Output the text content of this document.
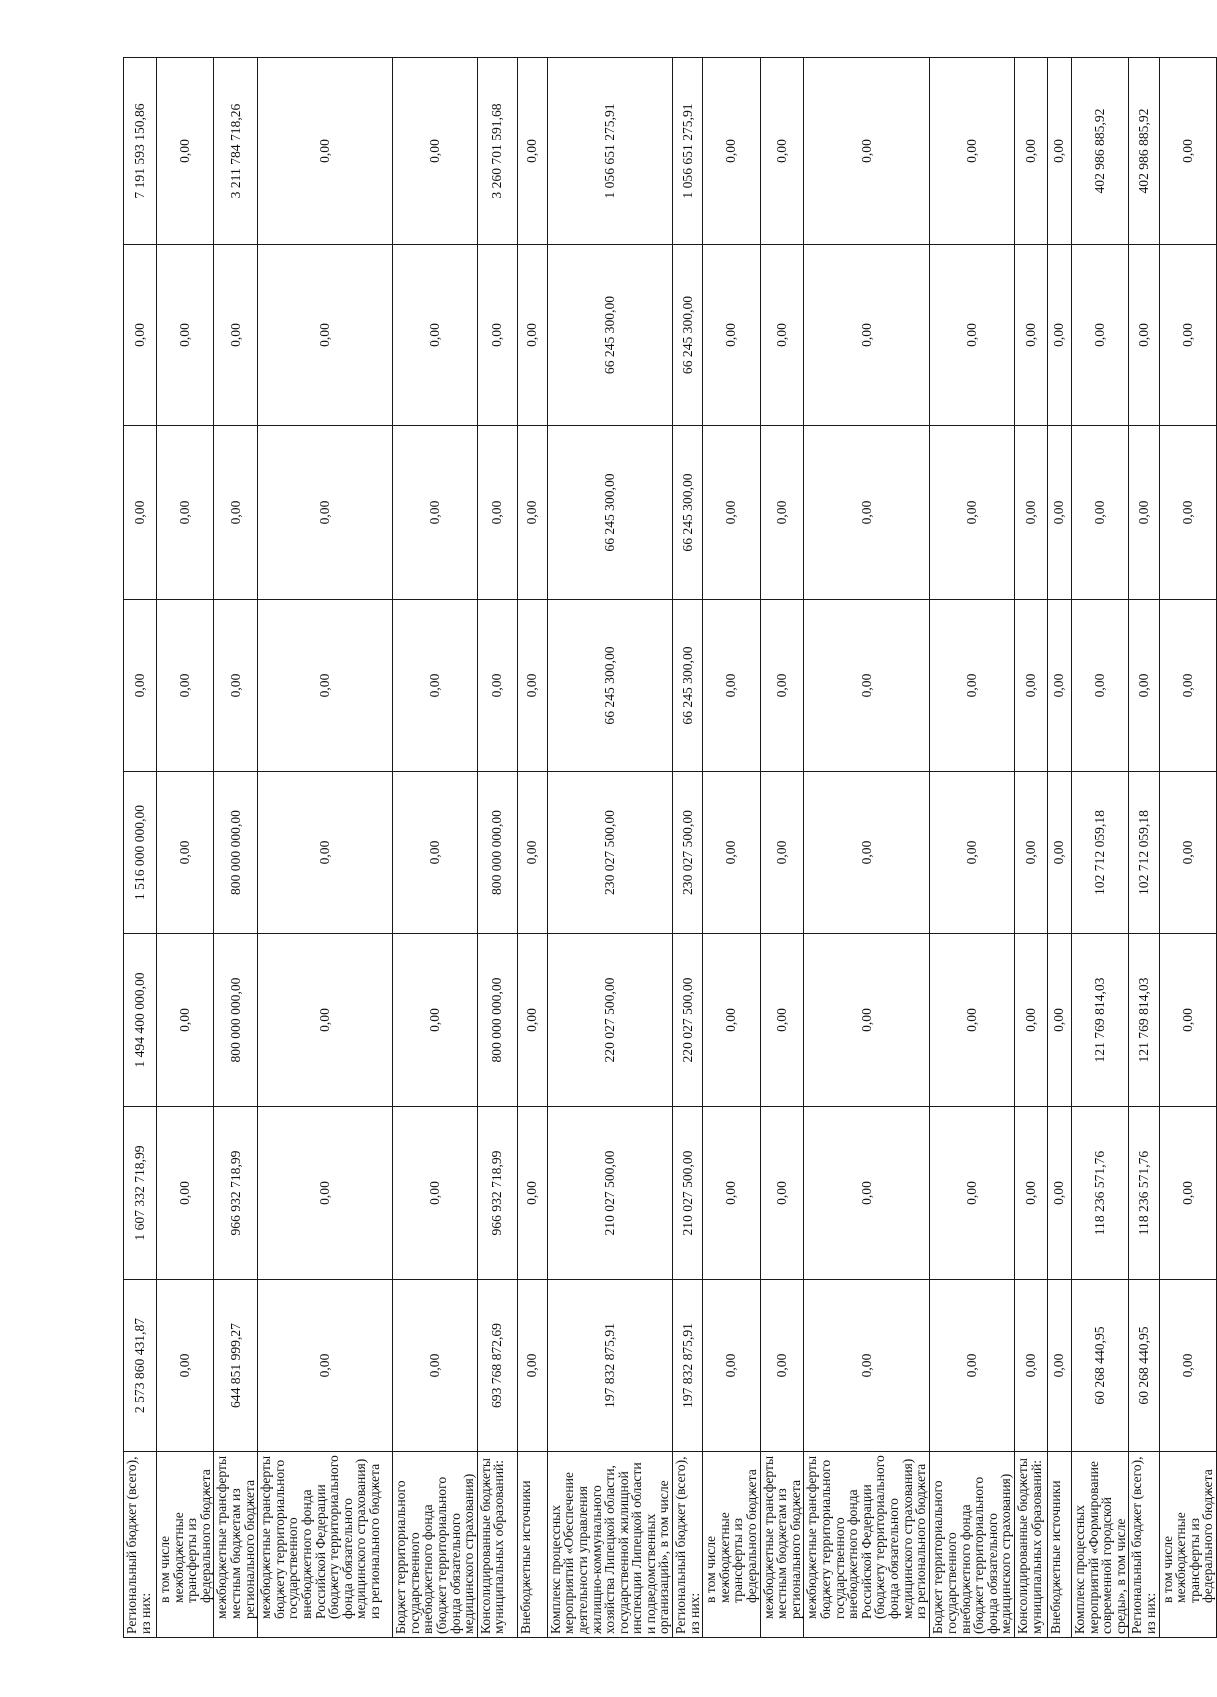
Региональный бюджет (всего), из них:	2 573 860 431,87	1 607 332 718,99	1 494 400 000,00	1 516 000 000,00	0,00	0,00	0,00	7 191 593 150,86
в том числе межбюджетные трансферты из федерального бюджета	0,00	0,00	0,00	0,00	0,00	0,00	0,00	0,00
межбюджетные трансферты местным бюджетам из регионального бюджета	644 851 999,27	966 932 718,99	800 000 000,00	800 000 000,00	0,00	0,00	0,00	3 211 784 718,26
межбюджетные трансферты бюджету территориального государственного внебюджетного фонда Российской Федерации (бюджету территориального фонда обязательного медицинского страхования) из регионального бюджета	0,00	0,00	0,00	0,00	0,00	0,00	0,00	0,00
Бюджет территориального государственного внебюджетного фонда (бюджет территориального фонда обязательного медицинского страхования)	0,00	0,00	0,00	0,00	0,00	0,00	0,00	0,00
Консолидированные бюджеты муниципальных образований:	693 768 872,69	966 932 718,99	800 000 000,00	800 000 000,00	0,00	0,00	0,00	3 260 701 591,68
Внебюджетные источники	0,00	0,00	0,00	0,00	0,00	0,00	0,00	0,00
Комплекс процессных мероприятий «Обеспечение деятельности управления жилищно-коммунального хозяйства Липецкой области, государственной жилищной инспекции Липецкой области и подведомственных организаций», в том числе	197 832 875,91	210 027 500,00	220 027 500,00	230 027 500,00	66 245 300,00	66 245 300,00	66 245 300,00	1 056 651 275,91
Региональный бюджет (всего), из них:	197 832 875,91	210 027 500,00	220 027 500,00	230 027 500,00	66 245 300,00	66 245 300,00	66 245 300,00	1 056 651 275,91
в том числе межбюджетные трансферты из федерального бюджета	0,00	0,00	0,00	0,00	0,00	0,00	0,00	0,00
межбюджетные трансферты местным бюджетам из регионального бюджета	0,00	0,00	0,00	0,00	0,00	0,00	0,00	0,00
межбюджетные трансферты бюджету территориального государственного внебюджетного фонда Российской Федерации (бюджету территориального фонда обязательного медицинского страхования) из регионального бюджета	0,00	0,00	0,00	0,00	0,00	0,00	0,00	0,00
Бюджет территориального государственного внебюджетного фонда (бюджет территориального фонда обязательного медицинского страхования)	0,00	0,00	0,00	0,00	0,00	0,00	0,00	0,00
Консолидированные бюджеты муниципальных образований:	0,00	0,00	0,00	0,00	0,00	0,00	0,00	0,00
Внебюджетные источники	0,00	0,00	0,00	0,00	0,00	0,00	0,00	0,00
Комплекс процессных мероприятий «Формирование современной городской среды», в том числе	60 268 440,95	118 236 571,76	121 769 814,03	102 712 059,18	0,00	0,00	0,00	402 986 885,92
Региональный бюджет (всего), из них:	60 268 440,95	118 236 571,76	121 769 814,03	102 712 059,18	0,00	0,00	0,00	402 986 885,92
в том числе межбюджетные трансферты из федерального бюджета	0,00	0,00	0,00	0,00	0,00	0,00	0,00	0,00
